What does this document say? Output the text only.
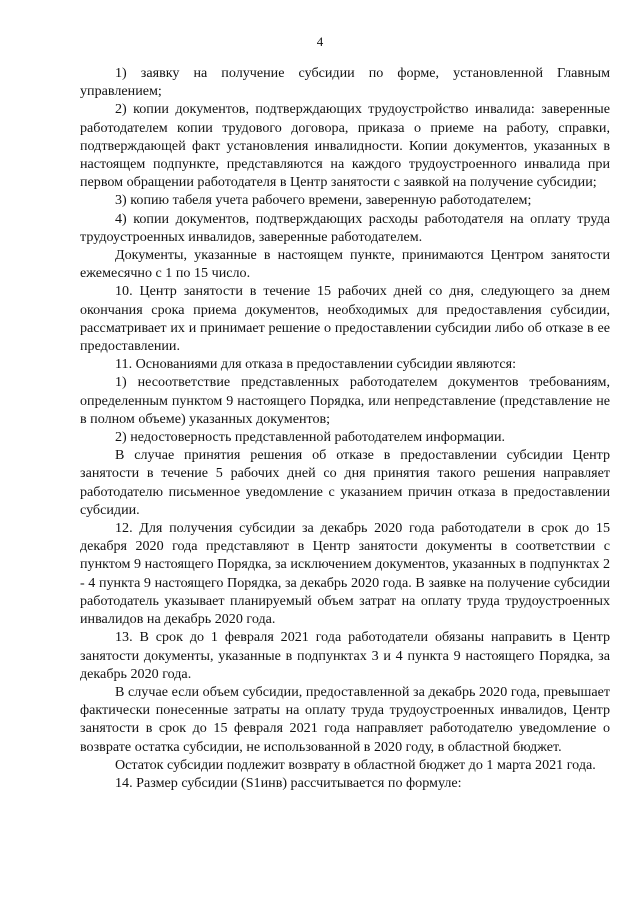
4

1) заявку на получение субсидии по форме, установленной Главным управлением;

2) копии документов, подтверждающих трудоустройство инвалида: заверенные работодателем копии трудового договора, приказа о приеме на работу, справки, подтверждающей факт установления инвалидности. Копии документов, указанных в настоящем подпункте, представляются на каждого трудоустроенного инвалида при первом обращении работодателя в Центр занятости с заявкой на получение субсидии;

3) копию табеля учета рабочего времени, заверенную работодателем;

4) копии документов, подтверждающих расходы работодателя на оплату труда трудоустроенных инвалидов, заверенные работодателем.

Документы, указанные в настоящем пункте, принимаются Центром занятости ежемесячно с 1 по 15 число.

10. Центр занятости в течение 15 рабочих дней со дня, следующего за днем окончания срока приема документов, необходимых для предоставления субсидии, рассматривает их и принимает решение о предоставлении субсидии либо об отказе в ее предоставлении.

11. Основаниями для отказа в предоставлении субсидии являются:

1) несоответствие представленных работодателем документов требованиям, определенным пунктом 9 настоящего Порядка, или непредставление (представление не в полном объеме) указанных документов;

2) недостоверность представленной работодателем информации.

В случае принятия решения об отказе в предоставлении субсидии Центр занятости в течение 5 рабочих дней со дня принятия такого решения направляет работодателю письменное уведомление с указанием причин отказа в предоставлении субсидии.

12. Для получения субсидии за декабрь 2020 года работодатели в срок до 15 декабря 2020 года представляют в Центр занятости документы в соответствии с пунктом 9 настоящего Порядка, за исключением документов, указанных в подпунктах 2 - 4 пункта 9 настоящего Порядка, за декабрь 2020 года. В заявке на получение субсидии работодатель указывает планируемый объем затрат на оплату труда трудоустроенных инвалидов на декабрь 2020 года.

13. В срок до 1 февраля 2021 года работодатели обязаны направить в Центр занятости документы, указанные в подпунктах 3 и 4 пункта 9 настоящего Порядка, за декабрь 2020 года.

В случае если объем субсидии, предоставленной за декабрь 2020 года, превышает фактически понесенные затраты на оплату труда трудоустроенных инвалидов, Центр занятости в срок до 15 февраля 2021 года направляет работодателю уведомление о возврате остатка субсидии, не использованной в 2020 году, в областной бюджет.

Остаток субсидии подлежит возврату в областной бюджет до 1 марта 2021 года.

14. Размер субсидии (S1инв) рассчитывается по формуле:
